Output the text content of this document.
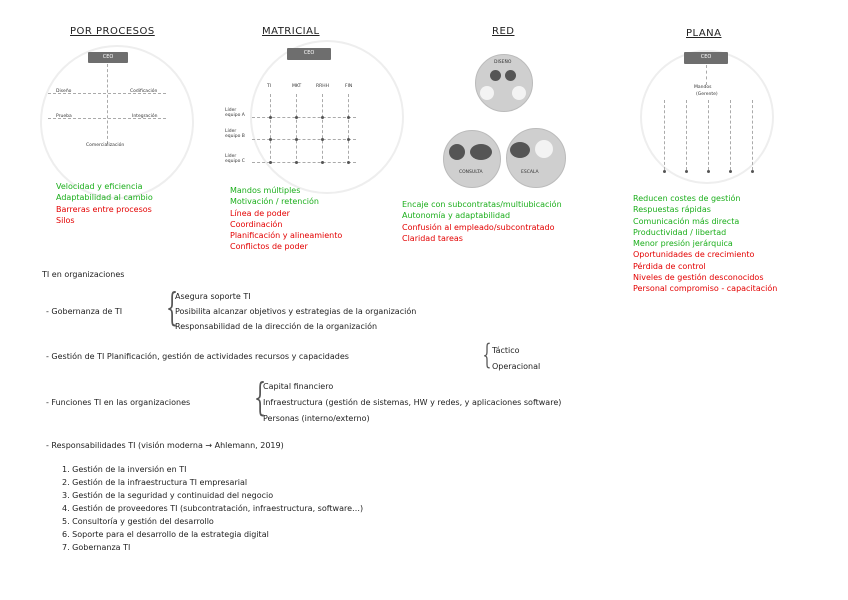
POR PROCESOS
CEO
Diseño	Codificación
Prueba	Integración
Comercialización
Velocidad y eficiencia
Adaptabilidad al cambio
Barreras entre procesos
Silos
MATRICIAL
CEO
TI	MKT	RRHH	FIN
Líder equipo A
Líder equipo B
Líder equipo C
Mandos múltiples
Motivación / retención
Línea de poder
Coordinación
Planificación y alineamiento
Conflictos de poder
RED
DISEÑO
CONSULTA	ESCALA
Encaje con subcontratas/multiubicación
Autonomía y adaptabilidad
Confusión al empleado/subcontratado
Claridad tareas
PLANA
CEO
Mandos
(Gerente)
Reducen costes de gestión
Respuestas rápidas
Comunicación más directa
Productividad / libertad
Menor presión jerárquica
Oportunidades de crecimiento
Pérdida de control
Niveles de gestión desconocidos
Personal compromiso - capacitación
TI en organizaciones
- Gobernanza de TI {
Asegura soporte TI
Posibilita alcanzar objetivos y estrategias de la organización
Responsabilidad de la dirección de la organización
- Gestión de TI Planificación, gestión de actividades recursos y capacidades	{ Táctico
Operacional
- Funciones TI en las organizaciones {
Capital financiero
Infraestructura (gestión de sistemas, HW y redes, y aplicaciones software)
Personas (interno/externo)
- Responsabilidades TI (visión moderna → Ahlemann, 2019)
1. Gestión de la inversión en TI
2. Gestión de la infraestructura TI empresarial
3. Gestión de la seguridad y continuidad del negocio
4. Gestión de proveedores TI (subcontratación, infraestructura, software…)
5. Consultoría y gestión del desarrollo
6. Soporte para el desarrollo de la estrategia digital
7. Gobernanza TI
